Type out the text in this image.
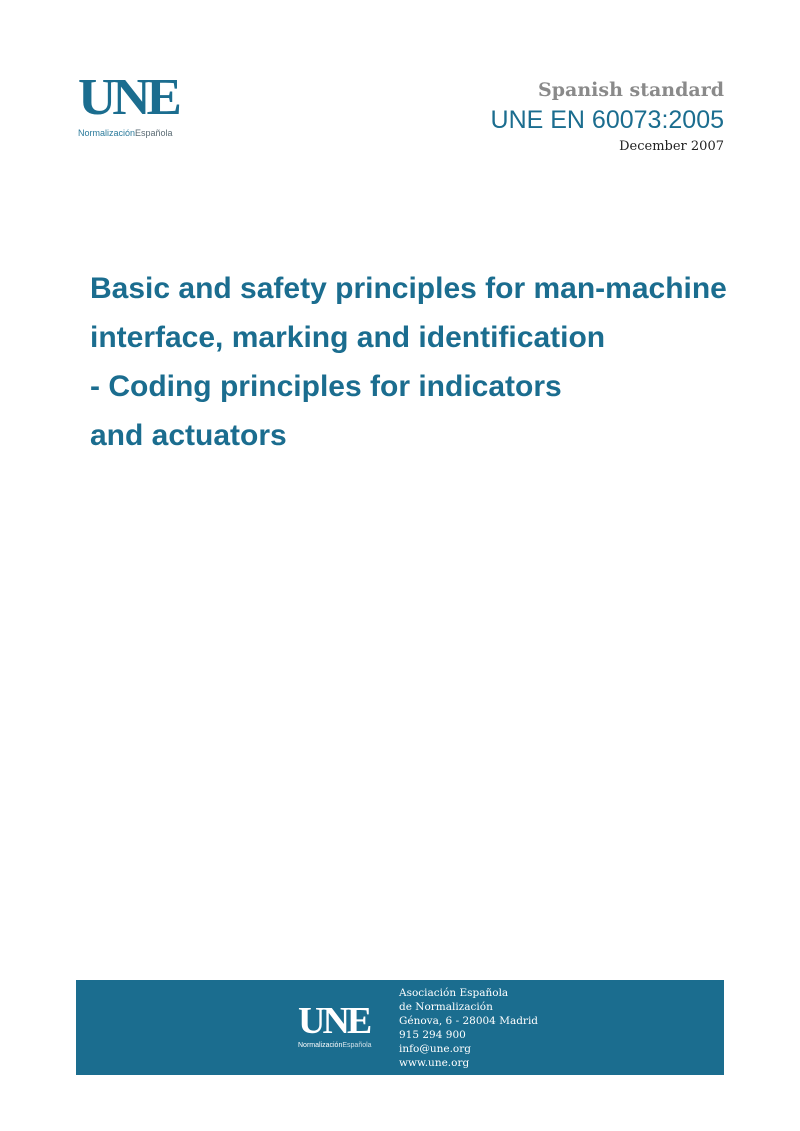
UNE
NormalizaciónEspañola
Spanish standard
UNE EN 60073:2005
December 2007
Basic and safety principles for man-machine
interface, marking and identification
- Coding principles for indicators
and actuators
UNE
NormalizaciónEspañola
Asociación Española
de Normalización
Génova, 6 - 28004 Madrid
915 294 900
info@une.org
www.une.org
